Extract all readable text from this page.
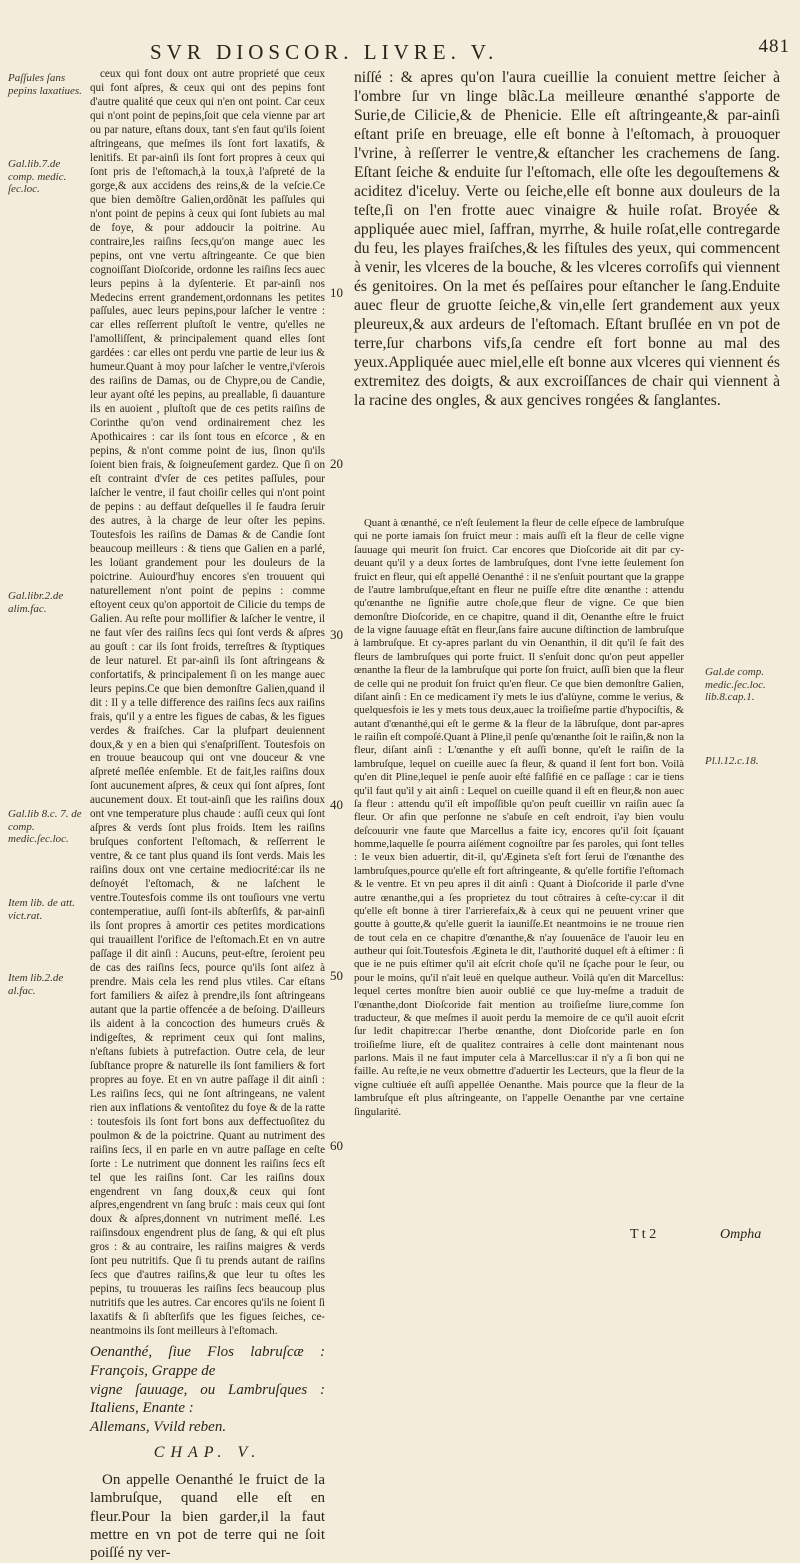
SVR DIOSCOR. LIVRE. V.	481
Paſſules ſans pepins laxatiues.
Gal.lib.7.de comp. medic. ſec.loc.
Gal.libr.2.de alim.fac.
Gal.lib 8.c. 7. de comp. medic.ſec.loc.
Item lib. de att. vict.rat.
Item lib.2.de al.fac.

ceux qui font doux ont autre proprieté que ceux qui font aſpres, & ceux qui ont des pepins font d'autre qualité que ceux qui n'en ont point. Car ceux qui n'ont point de pepins,ſoit que cela vienne par art ou par nature, eſtans doux, tant s'en faut qu'ils ſoient aſtringeans, que meſmes ils ſont fort laxatifs, & lenitifs. Et par-ainſi ils ſont fort propres à ceux qui ſont pris de l'eſtomach,à la toux,à l'aſpreté de la gorge,& aux accidens des reins,& de la veſcie.Ce que bien demõſtre Galien,ordõnāt les paſſules qui n'ont point de pepins à ceux qui ſont ſubiets au mal de foye, & pour addoucir la poitrine. Au contraire,les raiſins ſecs,qu'on mange auec les pepins, ont vne vertu aſtringeante. Ce que bien cognoiſſant Dioſcoride, ordonne les raiſins ſecs auec leurs pepins à la dyſenterie. Et par-ainſi nos Medecins errent grandement,ordonnans les petites paſſules, auec leurs pepins,pour laſcher le ventre : car elles reſſerrent pluſtoſt le ventre, qu'elles ne l'amolliſſent, & principalement quand elles ſont gardées : car elles ont perdu vne partie de leur ius & humeur.Quant à moy pour laſcher le ventre,i'vſerois des raiſins de Damas, ou de Chypre,ou de Candie, leur ayant oſté les pepins, au preallable, ſi dauanture ils en auoient , pluſtoſt que de ces petits raiſins de Corinthe qu'on vend ordinairement chez les Apothicaires : car ils ſont tous en eſcorce , & en pepins, & n'ont comme point de ius, ſinon qu'ils ſoient bien frais, & ſoigneuſement gardez. Que ſi on eſt contraint d'vſer de ces petites paſſules, pour laſcher le ventre, il faut choiſir celles qui n'ont point de pepins : au deffaut deſquelles il ſe faudra ſeruir des autres, à la charge de leur oſter les pepins. Toutesfois les raiſins de Damas & de Candie ſont beaucoup meilleurs : & tiens que Galien en a parlé, les loüant grandement pour les douleurs de la poictrine. Auiourd'huy encores s'en trouuent qui naturellement n'ont point de pepins : comme eſtoyent ceux qu'on apportoit de Cilicie du temps de Galien. Au reſte pour mollifier & laſcher le ventre, il ne faut vſer des raiſins ſecs qui ſont verds & aſpres au gouſt : car ils ſont froids, terreſtres & ſtyptiques de leur naturel. Et par-ainſi ils ſont aſtringeans & confortatifs, & principalement ſi on les mange auec leurs pepins.Ce que bien demonſtre Galien,quand il dit : Il y a telle difference des raiſins ſecs aux raiſins frais, qu'il y a entre les figues de cabas, & les figues verdes & fraiſches. Car la plufpart deuiennent doux,& y en a bien qui s'enaſpriſſent. Toutesfois on en trouue beaucoup qui ont vne douceur & vne aſpreté meſlée enſemble. Et de fait,les raiſins doux ſont aucunement aſpres, & ceux qui ſont aſpres, ſont aucunement doux. Et tout-ainſi que les raiſins doux ont vne temperature plus chaude : auſſi ceux qui ſont aſpres & verds ſont plus froids. Item les raiſins bruſques confortent l'eſtomach, & reſſerrent le ventre, & ce tant plus quand ils ſont verds. Mais les raiſins doux ont vne certaine mediocrité:car ils ne deſnoyét l'eſtomach, & ne laſchent le ventre.Toutesfois comme ils ont touſiours vne vertu contemperatiue, auſſi ſont-ils abſterſifs, & par-ainſi ils ſont propres à amortir ces petites mordications qui trauaillent l'orifice de l'eſtomach.Et en vn autre paſſage il dit ainſi : Aucuns, peut-eſtre, ſeroient peu de cas des raiſins ſecs, pource qu'ils ſont aiſez à prendre. Mais cela les rend plus vtiles. Car eſtans fort familiers & aiſez à prendre,ils ſont aſtringeans autant que la partie offencée a de beſoing. D'ailleurs ils aident à la concoction des humeurs cruës & indigeſtes, & repriment ceux qui ſont malins, n'eſtans ſubiets à putrefaction. Outre cela, de leur ſubſtance propre & naturelle ils ſont familiers & fort propres au foye. Et en vn autre paſſage il dit ainſi : Les raiſins ſecs, qui ne ſont aſtringeans, ne valent rien aux inflations & ventoſitez du foye & de la ratte : toutesfois ils ſont fort bons aux deffectuoſitez du poulmon & de la poictrine. Quant au nutriment des raiſins ſecs, il en parle en vn autre paſſage en ceſte ſorte : Le nutriment que donnent les raiſins ſecs eſt tel que les raiſins ſont. Car les raiſins doux engendrent vn ſang doux,& ceux qui ſont aſpres,engendrent vn ſang bruſc : mais ceux qui ſont doux & aſpres,donnent vn nutriment meſlé. Les raiſinsdoux engendrent plus de ſang, & qui eſt plus gros : & au contraire, les raiſins maigres & verds ſont peu nutritifs. Que ſi tu prends autant de raiſins ſecs que d'autres raiſins,& que leur tu oſtes les pepins, tu trouueras les raiſins ſecs beaucoup plus nutritifs que les autres. Car encores qu'ils ne ſoient ſi laxatifs & ſi abſterſifs que les figues ſeiches, ce-neantmoins ils ſont meilleurs à l'eſtomach.

Oenanthé, ſiue Flos labruſcæ : François, Grappe de
vigne ſauuage, ou Lambruſques : Italiens, Enante :
Allemans, Vvild reben.
CHAP. V.
On appelle Oenanthé le fruict de la lambruſque, quand elle eſt en fleur.Pour la bien garder,il la faut mettre en vn pot de terre qui ne ſoit poiſſé ny ver-
10
20
30
40
50
60

niſſé : & apres qu'on l'aura cueillie la conuient mettre ſeicher à l'ombre ſur vn linge blãc.La meilleure œnanthé s'apporte de Surie,de Cilicie,& de Phenicie. Elle eſt aſtringeante,& par-ainſi eſtant priſe en breuage, elle eſt bonne à l'eſtomach, à prouoquer l'vrine, à reſſerrer le ventre,& eſtancher les crachemens de ſang. Eſtant ſeiche & enduite ſur l'eſtomach, elle oſte les degouſtemens & aciditez d'iceluy. Verte ou ſeiche,elle eſt bonne aux douleurs de la teſte,ſi on l'en frotte auec vinaigre & huile roſat. Broyée & appliquée auec miel, ſaffran, myrrhe, & huile roſat,elle contregarde du feu, les playes fraiſches,& les fiſtules des yeux, qui commencent à venir, les vlceres de la bouche, & les vlceres corroſifs qui viennent és genitoires. On la met és peſſaires pour eſtancher le ſang.Enduite auec fleur de gruotte ſeiche,& vin,elle ſert grandement aux yeux pleureux,& aux ardeurs de l'eſtomach. Eſtant bruſlée en vn pot de terre,ſur charbons vifs,ſa cendre eſt fort bonne au mal des yeux.Appliquée auec miel,elle eſt bonne aux vlceres qui viennent és extremitez des doigts, & aux excroiſſances de chair qui viennent à la racine des ongles, & aux gencives rongées & ſanglantes.

Quant à œnanthé, ce n'eſt ſeulement la fleur de celle eſpece de lambruſque qui ne porte iamais ſon fruict meur : mais auſſi eſt la fleur de celle vigne ſauuage qui meurit ſon fruict. Car encores que Dioſcoride ait dit par cy-deuant qu'il y a deux ſortes de lambruſques, dont l'vne iette ſeulement ſon fruict en fleur, qui eſt appellé Oenanthé : il ne s'enſuit pourtant que la grappe de l'autre lambruſque,eſtant en fleur ne puiſſe eſtre dite œnanthe : attendu qu'œnanthe ne ſignifie autre choſe,que fleur de vigne. Ce que bien demonſtre Dioſcoride, en ce chapitre, quand il dit, Oenanthe eſtre le fruict de la vigne ſauuage eſtãt en fleur,ſans faire aucune diſtinction de lambruſque à lambruſque. Et cy-apres parlant du vin Oenanthin, il dit qu'il ſe fait des fleurs de lambruſques qui porte fruict. Il s'enſuit donc qu'on peut appeller œnanthe la fleur de la lambruſque qui porte ſon fruict, auſſi bien que la fleur de celle qui ne produit ſon fruict qu'en fleur. Ce que bien demonſtre Galien, diſant ainſi : En ce medicament i'y mets le ius d'alùyne, comme le verius, & quelquesfois ie les y mets tous deux,auec la troiſieſme partie d'hypociſtis, & autant d'œnanthé,qui eſt le germe & la fleur de la lãbruſque, dont par-apres le raiſin eſt compoſé.Quant à Pline,il penſe qu'œnanthe ſoit le raiſin,& non la fleur, diſant ainſi : L'œnanthe y eſt auſſi bonne, qu'eſt le raiſin de la lambruſque, lequel on cueille auec ſa fleur, & quand il ſent fort bon. Voilà qu'en dit Pline,lequel ie penſe auoir eſté falſifié en ce paſſage : car ie tiens qu'il faut qu'il y ait ainſi : Lequel on cueille quand il eſt en fleur,& non auec ſa fleur : attendu qu'il eſt impoſſible qu'on peuſt cueillir vn raiſin auec ſa fleur. Or afin que perſonne ne s'abuſe en ceſt endroit, i'ay bien voulu deſcouurir vne faute que Marcellus a faite icy, encores qu'il ſoit ſçauant homme,laquelle ſe pourra aiſément cognoiſtre par ſes paroles, qui ſont telles : Ie veux bien aduertir, dit-il, qu'Ægineta s'eſt fort ſerui de l'œnanthe des lambruſques,pource qu'elle eſt fort aſtringeante, & qu'elle fortifie l'eſtomach & le ventre. Et vn peu apres il dit ainſi : Quant à Dioſcoride il parle d'vne autre œnanthe,qui a ſes proprietez du tout cõtraires à ceſte-cy:car il dit qu'elle eſt bonne à tirer l'arrierefaix,& à ceux qui ne peuuent vriner que goutte à goutte,& qu'elle guerit la iauniſſe.Et neantmoins ie ne trouue rien de tout cela en ce chapitre d'œnanthe,& n'ay ſouuenãce de l'auoir leu en autheur qui ſoit.Toutesfois Ægineta le dit, l'authorité duquel eſt à eſtimer : ſi que ie ne puis eſtimer qu'il ait eſcrit choſe qu'il ne ſçache pour le ſeur, ou pour le moins, qu'il n'ait leuë en quelque autheur. Voilà qu'en dit Marcellus: lequel certes monſtre bien auoir oublié ce que luy-meſme a traduit de l'œnanthe,dont Dioſcoride fait mention au troiſieſme liure,comme ſon traducteur, & que meſmes il auoit perdu la memoire de ce qu'il auoit eſcrit ſur ledit chapitre:car l'herbe œnanthe, dont Dioſcoride parle en ſon troiſieſme liure, eſt de qualitez contraires à celle dont maintenant nous parlons. Mais il ne faut imputer cela à Marcellus:car il n'y a ſi bon qui ne faille. Au reſte,ie ne veux obmettre d'aduertir les Lecteurs, que la fleur de la vigne cultiuée eſt auſſi appellée Oenanthe. Mais pource que la fleur de la lambruſque eſt plus aſtringeante, on l'appelle Oenanthe par vne certaine ſingularité.

Gal.de comp. medic.ſec.loc. lib.8.cap.1.
Pl.l.12.c.18.
T t 2	Ompha
